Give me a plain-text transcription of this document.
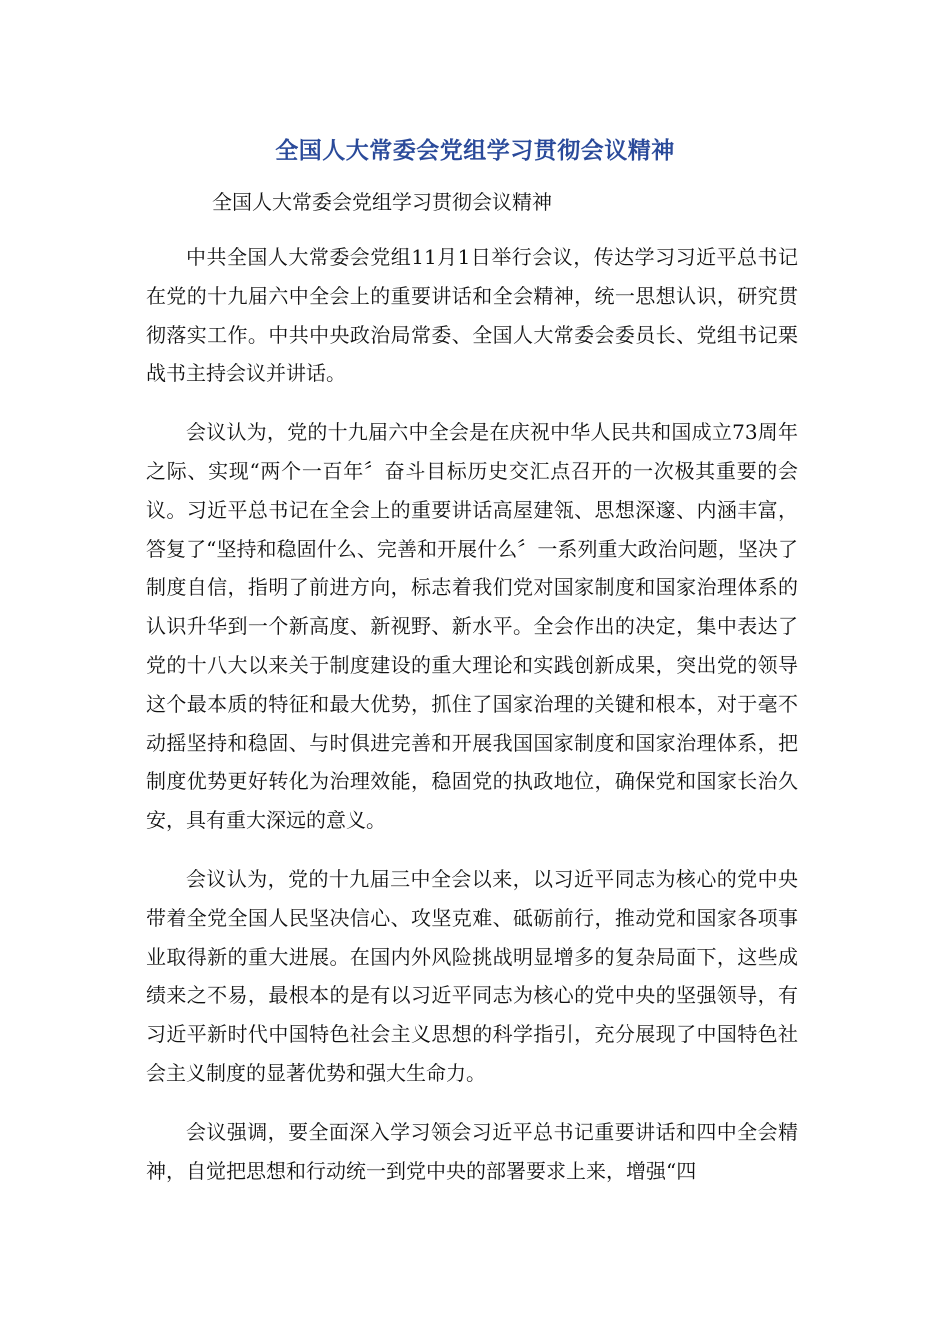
全国人大常委会党组学习贯彻会议精神

全国人大常委会党组学习贯彻会议精神

中共全国人大常委会党组11月1日举行会议，传达学习习近平总书记在党的十九届六中全会上的重要讲话和全会精神，统一思想认识，研究贯彻落实工作。中共中央政治局常委、全国人大常委会委员长、党组书记栗战书主持会议并讲话。

会议认为，党的十九届六中全会是在庆祝中华人民共和国成立73周年之际、实现“两个一百年〞奋斗目标历史交汇点召开的一次极其重要的会议。习近平总书记在全会上的重要讲话高屋建瓴、思想深邃、内涵丰富，答复了“坚持和稳固什么、完善和开展什么〞一系列重大政治问题，坚决了制度自信，指明了前进方向，标志着我们党对国家制度和国家治理体系的认识升华到一个新高度、新视野、新水平。全会作出的决定，集中表达了党的十八大以来关于制度建设的重大理论和实践创新成果，突出党的领导这个最本质的特征和最大优势，抓住了国家治理的关键和根本，对于毫不动摇坚持和稳固、与时俱进完善和开展我国国家制度和国家治理体系，把制度优势更好转化为治理效能，稳固党的执政地位，确保党和国家长治久安，具有重大深远的意义。

会议认为，党的十九届三中全会以来，以习近平同志为核心的党中央带着全党全国人民坚决信心、攻坚克难、砥砺前行，推动党和国家各项事业取得新的重大进展。在国内外风险挑战明显增多的复杂局面下，这些成绩来之不易，最根本的是有以习近平同志为核心的党中央的坚强领导，有习近平新时代中国特色社会主义思想的科学指引，充分展现了中国特色社会主义制度的显著优势和强大生命力。

会议强调，要全面深入学习领会习近平总书记重要讲话和四中全会精神，自觉把思想和行动统一到党中央的部署要求上来，增强“四
